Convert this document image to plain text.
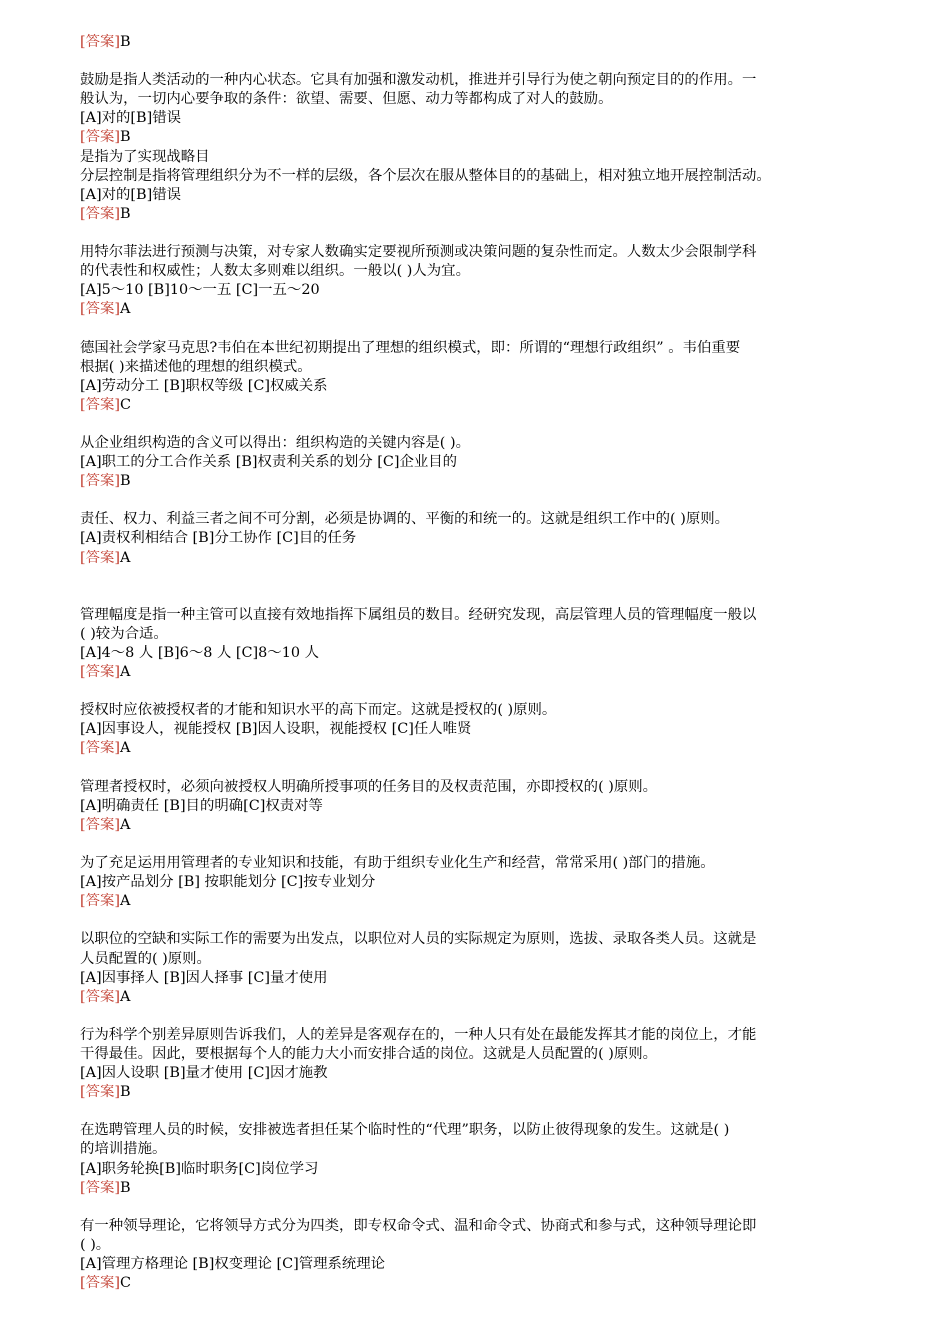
[答案]B
鼓励是指人类活动的一种内心状态。它具有加强和激发动机，推进并引导行为使之朝向预定目的的作用。一
般认为，一切内心要争取的条件：欲望、需要、但愿、动力等都构成了对人的鼓励。
[A]对的[B]错误
[答案]B
是指为了实现战略目
分层控制是指将管理组织分为不一样的层级，各个层次在服从整体目的的基础上，相对独立地开展控制活动。
[A]对的[B]错误
[答案]B
用特尔菲法进行预测与决策，对专家人数确实定要视所预测或决策问题的复杂性而定。人数太少会限制学科
的代表性和权威性；人数太多则难以组织。一般以( )人为宜。
[A]5～10 [B]10～一五 [C]一五～20
[答案]A
德国社会学家马克思?韦伯在本世纪初期提出了理想的组织模式，即：所谓的“理想行政组织” 。韦伯重要
根据( )来描述他的理想的组织模式。
[A]劳动分工 [B]职权等级 [C]权威关系
[答案]C
从企业组织构造的含义可以得出：组织构造的关键内容是( )。
[A]职工的分工合作关系 [B]权责利关系的划分 [C]企业目的
[答案]B
责任、权力、利益三者之间不可分割，必须是协调的、平衡的和统一的。这就是组织工作中的( )原则。
[A]责权利相结合 [B]分工协作 [C]目的任务
[答案]A
管理幅度是指一种主管可以直接有效地指挥下属组员的数目。经研究发现，高层管理人员的管理幅度一般以
( )较为合适。
[A]4～8 人 [B]6～8 人 [C]8～10 人
[答案]A
授权时应依被授权者的才能和知识水平的高下而定。这就是授权的( )原则。
[A]因事设人，视能授权 [B]因人设职，视能授权 [C]任人唯贤
[答案]A
管理者授权时，必须向被授权人明确所授事项的任务目的及权责范围，亦即授权的( )原则。
[A]明确责任 [B]目的明确[C]权责对等
[答案]A
为了充足运用用管理者的专业知识和技能，有助于组织专业化生产和经营，常常采用( )部门的措施。
[A]按产品划分 [B] 按职能划分 [C]按专业划分
[答案]A
以职位的空缺和实际工作的需要为出发点，以职位对人员的实际规定为原则，选拔、录取各类人员。这就是
人员配置的( )原则。
[A]因事择人 [B]因人择事 [C]量才使用
[答案]A
行为科学个别差异原则告诉我们，人的差异是客观存在的，一种人只有处在最能发挥其才能的岗位上，才能
干得最佳。因此，要根据每个人的能力大小而安排合适的岗位。这就是人员配置的( )原则。
[A]因人设职 [B]量才使用 [C]因才施教
[答案]B
在选聘管理人员的时候，安排被选者担任某个临时性的“代理”职务，以防止彼得现象的发生。这就是( )
的培训措施。
[A]职务轮换[B]临时职务[C]岗位学习
[答案]B
有一种领导理论，它将领导方式分为四类，即专权命令式、温和命令式、协商式和参与式，这种领导理论即
( )。
[A]管理方格理论 [B]权变理论 [C]管理系统理论
[答案]C
